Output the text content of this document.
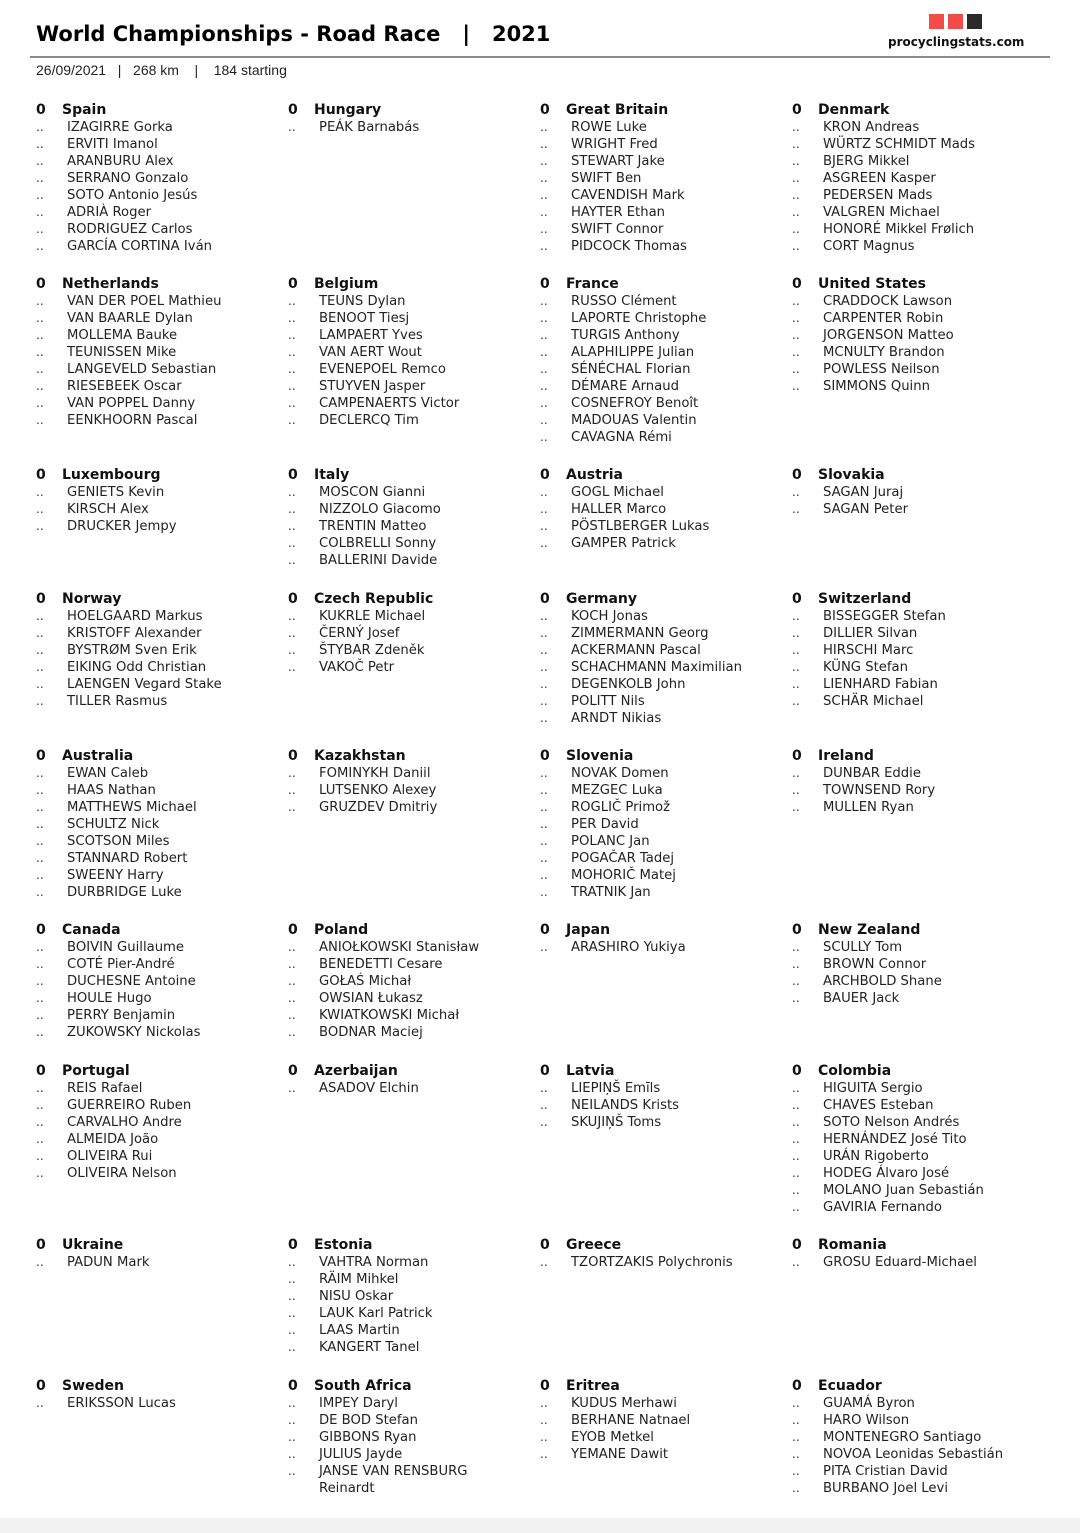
World Championships - Road Race   |   2021	procyclingstats.com
26/09/2021   |   268 km    |    184 starting
0	Spain
..	IZAGIRRE Gorka
..	ERVITI Imanol
..	ARANBURU Alex
..	SERRANO Gonzalo
..	SOTO Antonio Jesús
..	ADRIÀ Roger
..	RODRIGUEZ Carlos
..	GARCÍA CORTINA Iván
0	Hungary
..	PEÁK Barnabás
0	Great Britain
..	ROWE Luke
..	WRIGHT Fred
..	STEWART Jake
..	SWIFT Ben
..	CAVENDISH Mark
..	HAYTER Ethan
..	SWIFT Connor
..	PIDCOCK Thomas
0	Denmark
..	KRON Andreas
..	WÜRTZ SCHMIDT Mads
..	BJERG Mikkel
..	ASGREEN Kasper
..	PEDERSEN Mads
..	VALGREN Michael
..	HONORÉ Mikkel Frølich
..	CORT Magnus
0	Netherlands
..	VAN DER POEL Mathieu
..	VAN BAARLE Dylan
..	MOLLEMA Bauke
..	TEUNISSEN Mike
..	LANGEVELD Sebastian
..	RIESEBEEK Oscar
..	VAN POPPEL Danny
..	EENKHOORN Pascal
0	Belgium
..	TEUNS Dylan
..	BENOOT Tiesj
..	LAMPAERT Yves
..	VAN AERT Wout
..	EVENEPOEL Remco
..	STUYVEN Jasper
..	CAMPENAERTS Victor
..	DECLERCQ Tim
0	France
..	RUSSO Clément
..	LAPORTE Christophe
..	TURGIS Anthony
..	ALAPHILIPPE Julian
..	SÉNÉCHAL Florian
..	DÉMARE Arnaud
..	COSNEFROY Benoît
..	MADOUAS Valentin
..	CAVAGNA Rémi
0	United States
..	CRADDOCK Lawson
..	CARPENTER Robin
..	JORGENSON Matteo
..	MCNULTY Brandon
..	POWLESS Neilson
..	SIMMONS Quinn
0	Luxembourg
..	GENIETS Kevin
..	KIRSCH Alex
..	DRUCKER Jempy
0	Italy
..	MOSCON Gianni
..	NIZZOLO Giacomo
..	TRENTIN Matteo
..	COLBRELLI Sonny
..	BALLERINI Davide
0	Austria
..	GOGL Michael
..	HALLER Marco
..	PÖSTLBERGER Lukas
..	GAMPER Patrick
0	Slovakia
..	SAGAN Juraj
..	SAGAN Peter
0	Norway
..	HOELGAARD Markus
..	KRISTOFF Alexander
..	BYSTRØM Sven Erik
..	EIKING Odd Christian
..	LAENGEN Vegard Stake
..	TILLER Rasmus
0	Czech Republic
..	KUKRLE Michael
..	ČERNÝ Josef
..	ŠTYBAR Zdeněk
..	VAKOČ Petr
0	Germany
..	KOCH Jonas
..	ZIMMERMANN Georg
..	ACKERMANN Pascal
..	SCHACHMANN Maximilian
..	DEGENKOLB John
..	POLITT Nils
..	ARNDT Nikias
0	Switzerland
..	BISSEGGER Stefan
..	DILLIER Silvan
..	HIRSCHI Marc
..	KÜNG Stefan
..	LIENHARD Fabian
..	SCHÄR Michael
0	Australia
..	EWAN Caleb
..	HAAS Nathan
..	MATTHEWS Michael
..	SCHULTZ Nick
..	SCOTSON Miles
..	STANNARD Robert
..	SWEENY Harry
..	DURBRIDGE Luke
0	Kazakhstan
..	FOMINYKH Daniil
..	LUTSENKO Alexey
..	GRUZDEV Dmitriy
0	Slovenia
..	NOVAK Domen
..	MEZGEC Luka
..	ROGLIČ Primož
..	PER David
..	POLANC Jan
..	POGAČAR Tadej
..	MOHORIČ Matej
..	TRATNIK Jan
0	Ireland
..	DUNBAR Eddie
..	TOWNSEND Rory
..	MULLEN Ryan
0	Canada
..	BOIVIN Guillaume
..	COTÉ Pier-André
..	DUCHESNE Antoine
..	HOULE Hugo
..	PERRY Benjamin
..	ZUKOWSKY Nickolas
0	Poland
..	ANIOŁKOWSKI Stanisław
..	BENEDETTI Cesare
..	GOŁAŚ Michał
..	OWSIAN Łukasz
..	KWIATKOWSKI Michał
..	BODNAR Maciej
0	Japan
..	ARASHIRO Yukiya
0	New Zealand
..	SCULLY Tom
..	BROWN Connor
..	ARCHBOLD Shane
..	BAUER Jack
0	Portugal
..	REIS Rafael
..	GUERREIRO Ruben
..	CARVALHO Andre
..	ALMEIDA João
..	OLIVEIRA Rui
..	OLIVEIRA Nelson
0	Azerbaijan
..	ASADOV Elchin
0	Latvia
..	LIEPIŅŠ Emīls
..	NEILANDS Krists
..	SKUJIŅŠ Toms
0	Colombia
..	HIGUITA Sergio
..	CHAVES Esteban
..	SOTO Nelson Andrés
..	HERNÁNDEZ José Tito
..	URÁN Rigoberto
..	HODEG Álvaro José
..	MOLANO Juan Sebastián
..	GAVIRIA Fernando
0	Ukraine
..	PADUN Mark
0	Estonia
..	VAHTRA Norman
..	RÄIM Mihkel
..	NISU Oskar
..	LAUK Karl Patrick
..	LAAS Martin
..	KANGERT Tanel
0	Greece
..	TZORTZAKIS Polychronis
0	Romania
..	GROSU Eduard-Michael
0	Sweden
..	ERIKSSON Lucas
0	South Africa
..	IMPEY Daryl
..	DE BOD Stefan
..	GIBBONS Ryan
..	JULIUS Jayde
..	JANSE VAN RENSBURG Reinardt
0	Eritrea
..	KUDUS Merhawi
..	BERHANE Natnael
..	EYOB Metkel
..	YEMANE Dawit
0	Ecuador
..	GUAMÁ Byron
..	HARO Wilson
..	MONTENEGRO Santiago
..	NOVOA Leonidas Sebastián
..	PITA Cristian David
..	BURBANO Joel Levi
